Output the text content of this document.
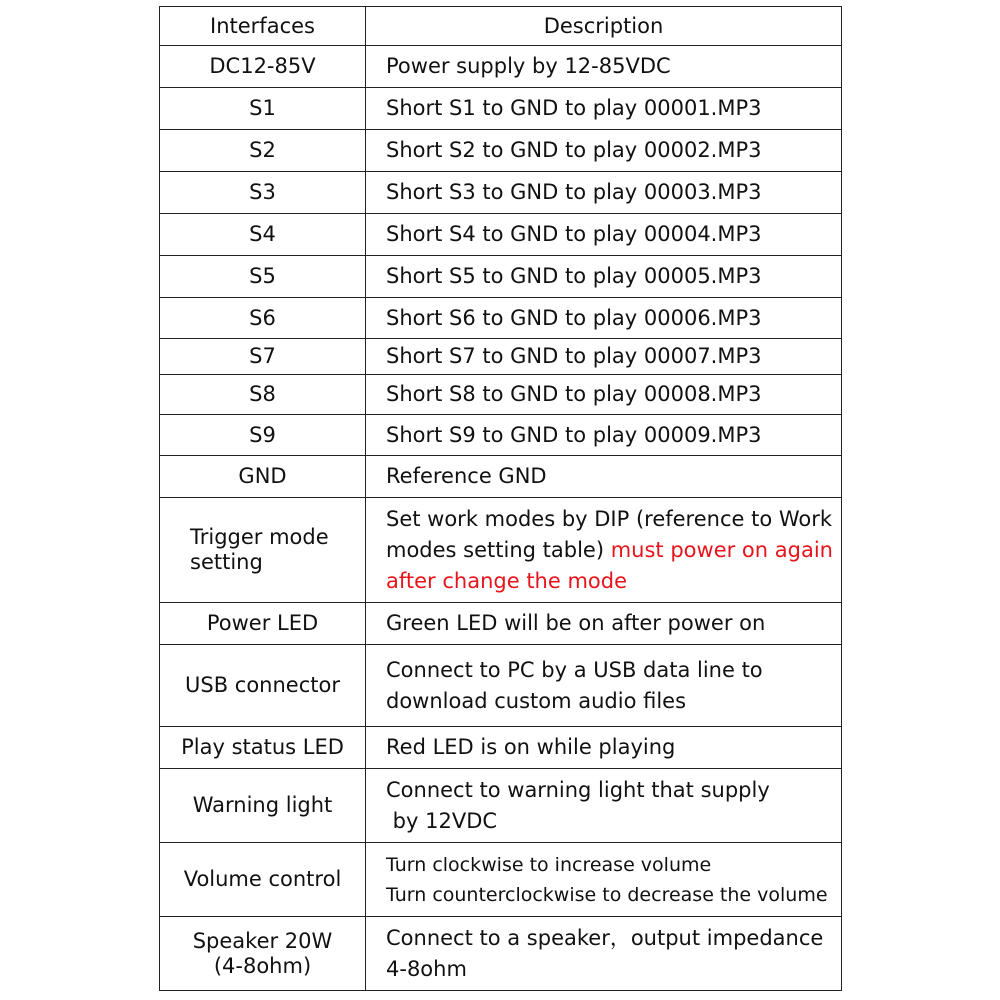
Interfaces	Description
DC12-85V	Power supply by 12-85VDC
S1	Short S1 to GND to play 00001.MP3
S2	Short S2 to GND to play 00002.MP3
S3	Short S3 to GND to play 00003.MP3
S4	Short S4 to GND to play 00004.MP3
S5	Short S5 to GND to play 00005.MP3
S6	Short S6 to GND to play 00006.MP3
S7	Short S7 to GND to play 00007.MP3
S8	Short S8 to GND to play 00008.MP3
S9	Short S9 to GND to play 00009.MP3
GND	Reference GND

Trigger mode
setting	Set work modes by DIP (reference to Work
modes setting table) must power on again
after change the mode

Power LED	Green LED will be on after power on
USB connector	Connect to PC by a USB data line to
download custom audio files

Play status LED	Red LED is on while playing
Warning light	Connect to warning light that supply
by 12VDC

Volume control	Turn clockwise to increase volume
Turn counterclockwise to decrease the volume

Speaker 20W
(4-8ohm)	Connect to a speaker，output impedance
4-8ohm
